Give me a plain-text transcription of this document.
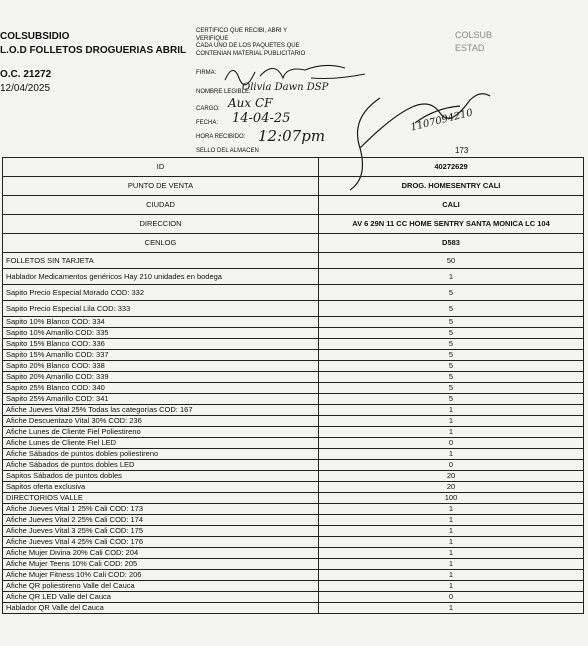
COLSUBSIDIO
L.O.D FOLLETOS DROGUERIAS ABRIL
O.C. 21272
12/04/2025
COLSUB
ESTAD
CERTIFICO QUE RECIBI, ABRI Y
VERIFIQUE
CADA UNO DE LOS PAQUETES QUE
CONTENIAN MATERIAL PUBLICITARIO
FIRMA:
NOMBRE LEGIBLE:
CARGO:
FECHA:
HORA RECIBIDO:
SELLO DEL ALMACEN
Olivia Dawn DSP
Aux CF
14-04-25
12:07pm
1107094210
173
ID	40272629
PUNTO DE VENTA	DROG. HOMESENTRY CALI
CIUDAD	CALI
DIRECCION	AV 6 29N 11 CC HOME SENTRY SANTA MONICA LC 104
CENLOG	D583
FOLLETOS SIN TARJETA	50
Hablador Medicamentos genéricos Hay 210 unidades en bodega	1
Sapito Precio Especial Morado COD: 332	5
Sapito Precio Especial Lila COD: 333	5
Sapito 10% Blanco COD: 334	5
Sapito 10% Amarillo COD: 335	5
Sapito 15% Blanco COD: 336	5
Sapito 15% Amarillo COD: 337	5
Sapito 20% Blanco COD: 338	5
Sapito 20% Amarillo COD: 339	5
Sapito 25% Blanco COD: 340	5
Sapito 25% Amarillo COD: 341	5
Afiche Jueves Vital 25% Todas las categorías COD: 167	1
Afiche Descuentazo Vital 30% COD: 236	1
Afiche Lunes de Cliente Fiel Poliestireno	1
Afiche Lunes de Cliente Fiel LED	0
Afiche Sábados de puntos dobles poliestireno	1
Afiche Sábados de puntos dobles LED	0
Sapitos Sábados de puntos dobles	20
Sapitos oferta exclusiva	20
DIRECTORIOS VALLE	100
Afiche Jueves Vital 1 25% Cali COD: 173	1
Afiche Jueves Vital 2 25% Cali COD: 174	1
Afiche Jueves Vital 3 25% Cali COD: 175	1
Afiche Jueves Vital 4 25% Cali COD: 176	1
Afiche Mujer Divina 20% Cali COD: 204	1
Afiche Mujer Teens 10% Cali COD: 205	1
Afiche Mujer Fitness 10% Cali COD: 206	1
Afiche QR poliestireno Valle del Cauca	1
Afiche QR LED Valle del Cauca	0
Hablador QR Valle del Cauca	1
